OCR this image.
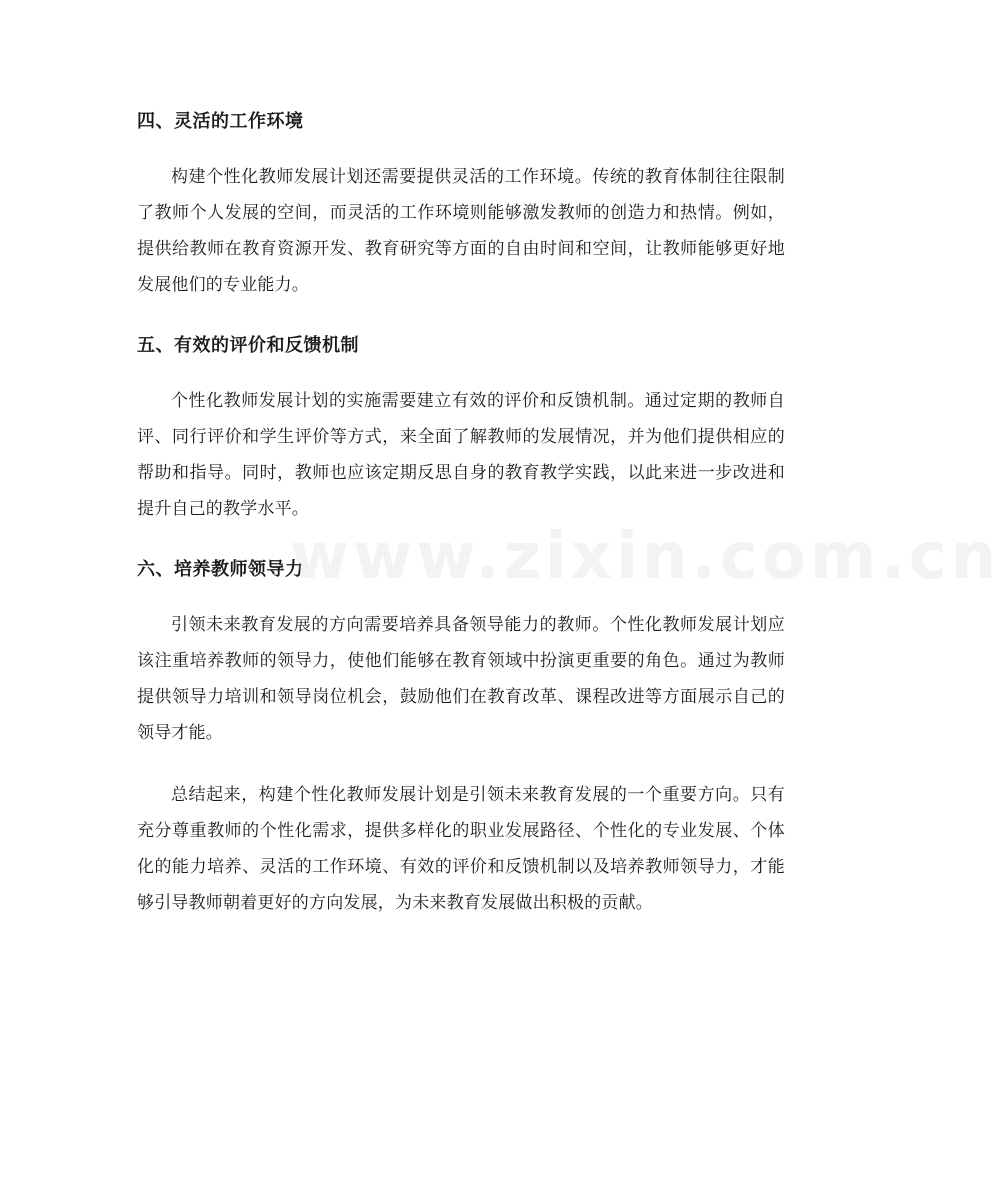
四、灵活的工作环境

构建个性化教师发展计划还需要提供灵活的工作环境。传统的教育体制往往限制了教师个人发展的空间，而灵活的工作环境则能够激发教师的创造力和热情。例如，提供给教师在教育资源开发、教育研究等方面的自由时间和空间，让教师能够更好地发展他们的专业能力。

五、有效的评价和反馈机制

个性化教师发展计划的实施需要建立有效的评价和反馈机制。通过定期的教师自评、同行评价和学生评价等方式，来全面了解教师的发展情况，并为他们提供相应的帮助和指导。同时，教师也应该定期反思自身的教育教学实践，以此来进一步改进和提升自己的教学水平。

六、培养教师领导力

引领未来教育发展的方向需要培养具备领导能力的教师。个性化教师发展计划应该注重培养教师的领导力，使他们能够在教育领域中扮演更重要的角色。通过为教师提供领导力培训和领导岗位机会，鼓励他们在教育改革、课程改进等方面展示自己的领导才能。

总结起来，构建个性化教师发展计划是引领未来教育发展的一个重要方向。只有充分尊重教师的个性化需求，提供多样化的职业发展路径、个性化的专业发展、个体化的能力培养、灵活的工作环境、有效的评价和反馈机制以及培养教师领导力，才能够引导教师朝着更好的方向发展，为未来教育发展做出积极的贡献。

www.zixin.com.cn
